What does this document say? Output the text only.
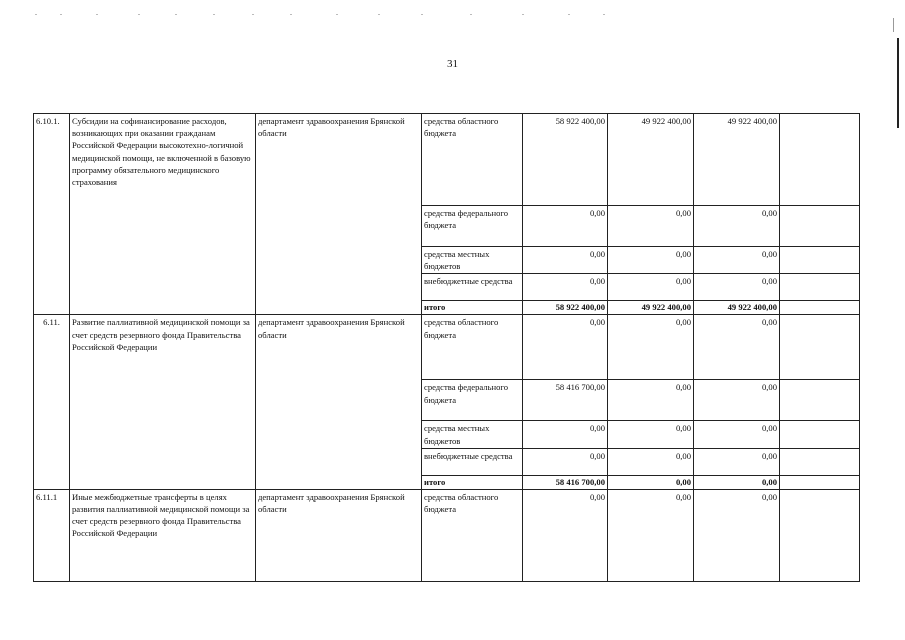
31
6.10.1.	Субсидии на софинансирование расходов, возникающих при оказании гражданам Российской Федерации высокотехно-логичной медицинской помощи, не включенной в базовую программу обязательного медицинского страхования	департамент здравоохранения Брянской области	средства областного бюджета	58 922 400,00	49 922 400,00	49 922 400,00	
			средства федерального бюджета	0,00	0,00	0,00	
			средства местных бюджетов	0,00	0,00	0,00	
			внебюджетные средства	0,00	0,00	0,00	
			итого	58 922 400,00	49 922 400,00	49 922 400,00	
6.11.	Развитие паллиативной медицинской помощи за счет средств резервного фонда Правительства Российской Федерации	департамент здравоохранения Брянской области	средства областного бюджета	0,00	0,00	0,00	
			средства федерального бюджета	58 416 700,00	0,00	0,00	
			средства местных бюджетов	0,00	0,00	0,00	
			внебюджетные средства	0,00	0,00	0,00	
			итого	58 416 700,00	0,00	0,00	
6.11.1	Иные межбюджетные трансферты в целях развития паллиативной медицинской помощи за счет средств резервного фонда Правительства Российской Федерации	департамент здравоохранения Брянской области	средства областного бюджета	0,00	0,00	0,00	
